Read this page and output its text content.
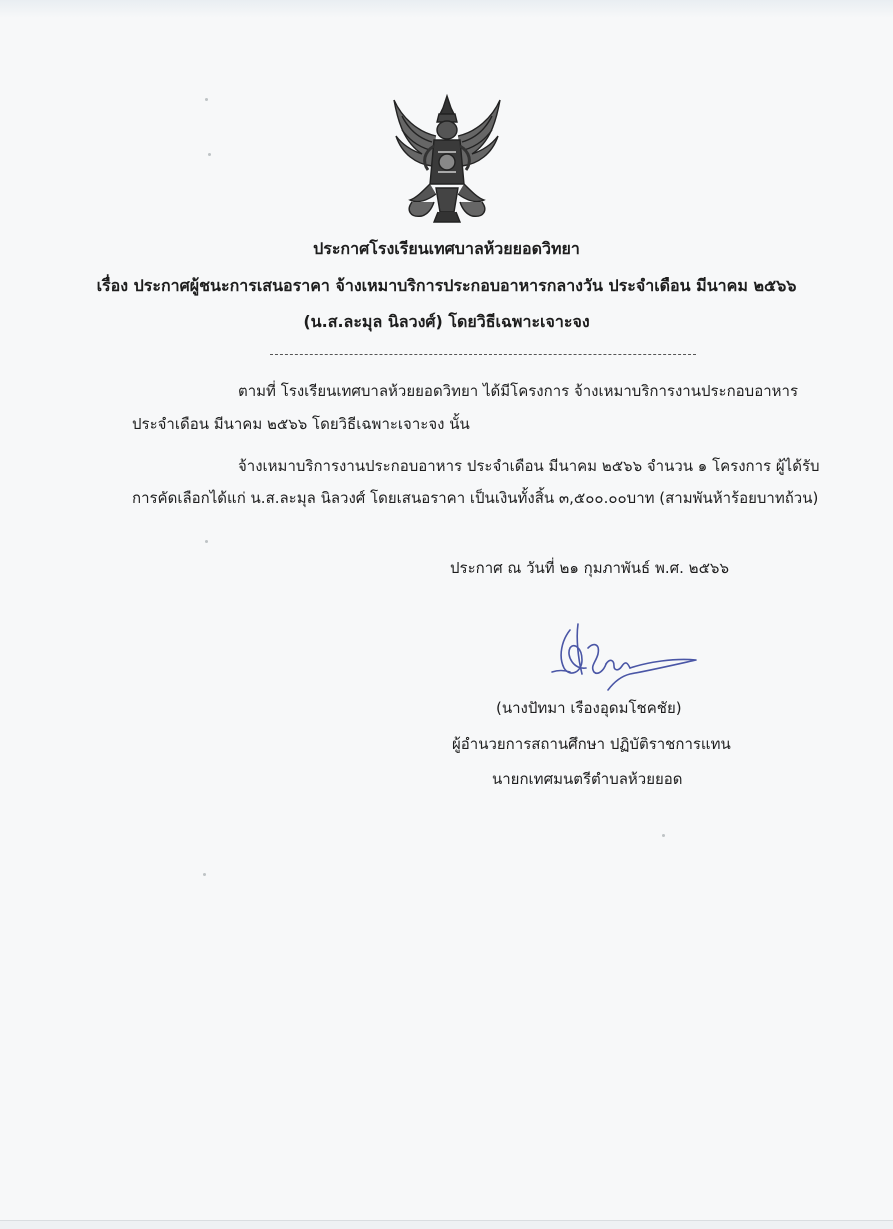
ประกาศโรงเรียนเทศบาลห้วยยอดวิทยา
เรื่อง ประกาศผู้ชนะการเสนอราคา จ้างเหมาบริการประกอบอาหารกลางวัน ประจำเดือน มีนาคม ๒๕๖๖
(น.ส.ละมุล นิลวงศ์) โดยวิธีเฉพาะเจาะจง
ตามที่ โรงเรียนเทศบาลห้วยยอดวิทยา ได้มีโครงการ จ้างเหมาบริการงานประกอบอาหาร
ประจำเดือน มีนาคม ๒๕๖๖ โดยวิธีเฉพาะเจาะจง นั้น
จ้างเหมาบริการงานประกอบอาหาร ประจำเดือน มีนาคม ๒๕๖๖ จำนวน ๑ โครงการ ผู้ได้รับ
การคัดเลือกได้แก่ น.ส.ละมุล นิลวงศ์ โดยเสนอราคา เป็นเงินทั้งสิ้น ๓,๕๐๐.๐๐บาท (สามพันห้าร้อยบาทถ้วน)
ประกาศ ณ วันที่ ๒๑ กุมภาพันธ์ พ.ศ. ๒๕๖๖
(นางปัทมา เรืองอุดมโชคชัย)
ผู้อำนวยการสถานศึกษา ปฏิบัติราชการแทน
นายกเทศมนตรีตำบลห้วยยอด
